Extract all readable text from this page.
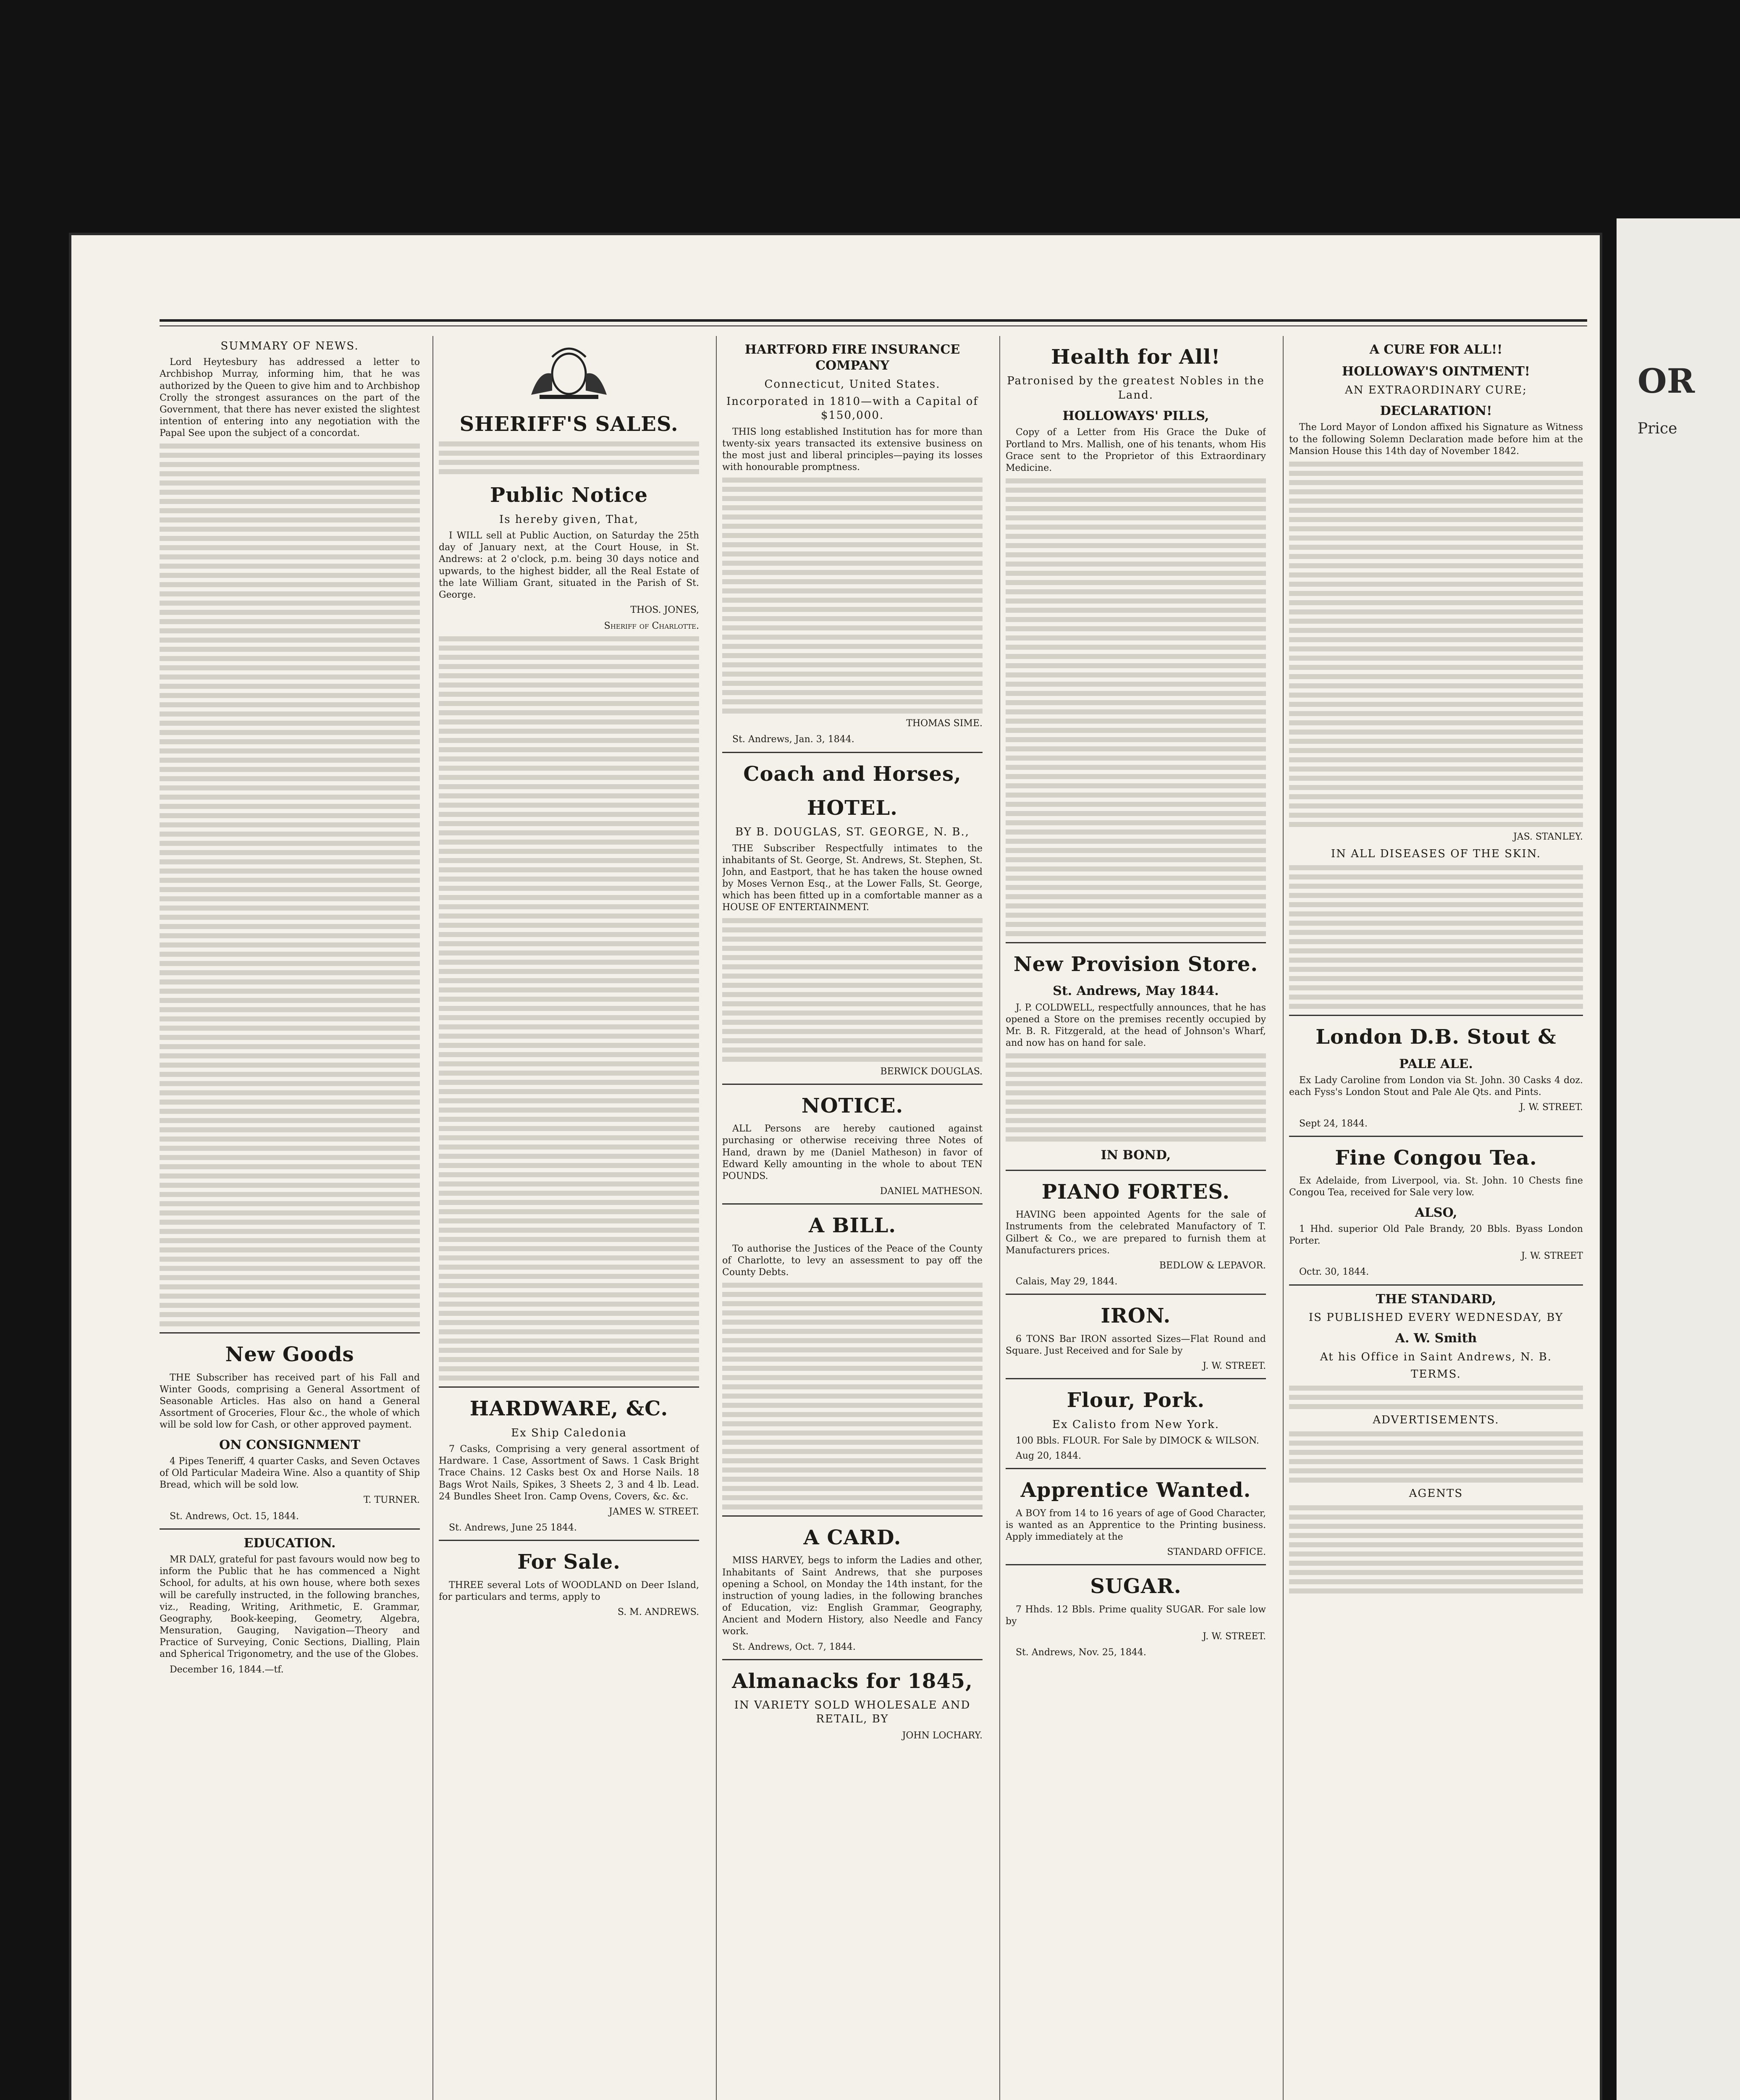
OR
Price
SUMMARY OF NEWS.

Lord Heytesbury has addressed a letter to Archbishop Murray, informing him, that he was authorized by the Queen to give him and to Archbishop Crolly the strongest assurances on the part of the Government, that there has never existed the slightest intention of entering into any negotiation with the Papal See upon the subject of a concordat.

New Goods

THE Subscriber has received part of his Fall and Winter Goods, comprising a General Assortment of Seasonable Articles. Has also on hand a General Assortment of Groceries, Flour &c., the whole of which will be sold low for Cash, or other approved payment.

ON CONSIGNMENT

4 Pipes Teneriff, 4 quarter Casks, and Seven Octaves of Old Particular Madeira Wine. Also a quantity of Ship Bread, which will be sold low.

T. TURNER.

St. Andrews, Oct. 15, 1844.

EDUCATION.

MR DALY, grateful for past favours would now beg to inform the Public that he has commenced a Night School, for adults, at his own house, where both sexes will be carefully instructed, in the following branches, viz., Reading, Writing, Arithmetic, E. Grammar, Geography, Book-keeping, Geometry, Algebra, Mensuration, Gauging, Navigation—Theory and Practice of Surveying, Conic Sections, Dialling, Plain and Spherical Trigonometry, and the use of the Globes.

December 16, 1844.—tf.

SHERIFF'S SALES.
Public Notice
Is hereby given, That,

I WILL sell at Public Auction, on Saturday the 25th day of January next, at the Court House, in St. Andrews: at 2 o'clock, p.m. being 30 days notice and upwards, to the highest bidder, all the Real Estate of the late William Grant, situated in the Parish of St. George.

THOS. JONES,
Sheriff of Charlotte.
HARDWARE, &C.
Ex Ship Caledonia

7 Casks, Comprising a very general assortment of Hardware. 1 Case, Assortment of Saws. 1 Cask Bright Trace Chains. 12 Casks best Ox and Horse Nails. 18 Bags Wrot Nails, Spikes, 3 Sheets 2, 3 and 4 lb. Lead. 24 Bundles Sheet Iron. Camp Ovens, Covers, &c. &c.

JAMES W. STREET.

St. Andrews, June 25 1844.

For Sale.

THREE several Lots of WOODLAND on Deer Island, for particulars and terms, apply to

S. M. ANDREWS.
HARTFORD FIRE INSURANCE COMPANY
Connecticut, United States.
Incorporated in 1810—with a Capital of $150,000.

THIS long established Institution has for more than twenty-six years transacted its extensive business on the most just and liberal principles—paying its losses with honourable promptness.

THOMAS SIME.

St. Andrews, Jan. 3, 1844.

Coach and Horses,
HOTEL.
BY B. DOUGLAS, ST. GEORGE, N. B.,

THE Subscriber Respectfully intimates to the inhabitants of St. George, St. Andrews, St. Stephen, St. John, and Eastport, that he has taken the house owned by Moses Vernon Esq., at the Lower Falls, St. George, which has been fitted up in a comfortable manner as a HOUSE OF ENTERTAINMENT.

BERWICK DOUGLAS.
NOTICE.

ALL Persons are hereby cautioned against purchasing or otherwise receiving three Notes of Hand, drawn by me (Daniel Matheson) in favor of Edward Kelly amounting in the whole to about TEN POUNDS.

DANIEL MATHESON.
A BILL.

To authorise the Justices of the Peace of the County of Charlotte, to levy an assessment to pay off the County Debts.

A CARD.

MISS HARVEY, begs to inform the Ladies and other, Inhabitants of Saint Andrews, that she purposes opening a School, on Monday the 14th instant, for the instruction of young ladies, in the following branches of Education, viz: English Grammar, Geography, Ancient and Modern History, also Needle and Fancy work.

St. Andrews, Oct. 7, 1844.

Almanacks for 1845,
IN VARIETY SOLD WHOLESALE AND RETAIL, BY
JOHN LOCHARY.
Health for All!
Patronised by the greatest Nobles in the Land.
HOLLOWAYS' PILLS,

Copy of a Letter from His Grace the Duke of Portland to Mrs. Mallish, one of his tenants, whom His Grace sent to the Proprietor of this Extraordinary Medicine.

New Provision Store.
St. Andrews, May 1844.

J. P. COLDWELL, respectfully announces, that he has opened a Store on the premises recently occupied by Mr. B. R. Fitzgerald, at the head of Johnson's Wharf, and now has on hand for sale.

IN BOND,
PIANO FORTES.

HAVING been appointed Agents for the sale of Instruments from the celebrated Manufactory of T. Gilbert & Co., we are prepared to furnish them at Manufacturers prices.

BEDLOW & LEPAVOR.

Calais, May 29, 1844.

IRON.

6 TONS Bar IRON assorted Sizes—Flat Round and Square. Just Received and for Sale by

J. W. STREET.
Flour, Pork.
Ex Calisto from New York.

100 Bbls. FLOUR. For Sale by DIMOCK & WILSON.

Aug 20, 1844.

Apprentice Wanted.

A BOY from 14 to 16 years of age of Good Character, is wanted as an Apprentice to the Printing business. Apply immediately at the

STANDARD OFFICE.
SUGAR.

7 Hhds. 12 Bbls. Prime quality SUGAR. For sale low by

J. W. STREET.

St. Andrews, Nov. 25, 1844.

A CURE FOR ALL!!
HOLLOWAY'S OINTMENT!
AN EXTRAORDINARY CURE;
DECLARATION!

The Lord Mayor of London affixed his Signature as Witness to the following Solemn Declaration made before him at the Mansion House this 14th day of November 1842.

JAS. STANLEY.
IN ALL DISEASES OF THE SKIN.
London D.B. Stout &
PALE ALE.

Ex Lady Caroline from London via St. John. 30 Casks 4 doz. each Fyss's London Stout and Pale Ale Qts. and Pints.

J. W. STREET.

Sept 24, 1844.

Fine Congou Tea.

Ex Adelaide, from Liverpool, via. St. John. 10 Chests fine Congou Tea, received for Sale very low.

ALSO,

1 Hhd. superior Old Pale Brandy, 20 Bbls. Byass London Porter.

J. W. STREET

Octr. 30, 1844.

THE STANDARD,
IS PUBLISHED EVERY WEDNESDAY, BY
A. W. Smith
At his Office in Saint Andrews, N. B.
TERMS.
ADVERTISEMENTS.
AGENTS
